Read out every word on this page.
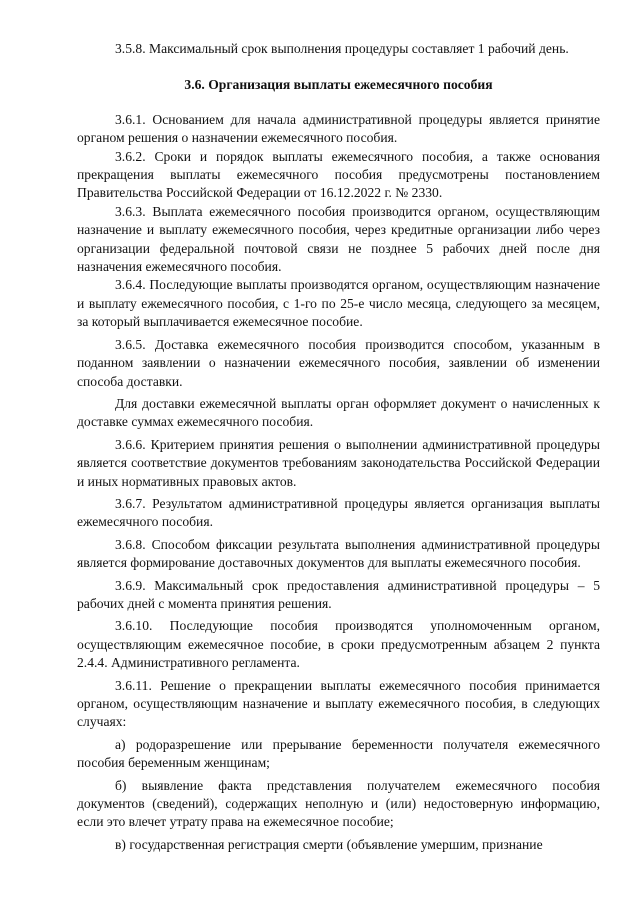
3.5.8. Максимальный срок выполнения процедуры составляет 1 рабочий день.

3.6. Организация выплаты ежемесячного пособия

3.6.1. Основанием для начала административной процедуры является принятие органом решения о назначении ежемесячного пособия.

3.6.2. Сроки и порядок выплаты ежемесячного пособия, а также основания прекращения выплаты ежемесячного пособия предусмотрены постановлением Правительства Российской Федерации от 16.12.2022 г. № 2330.

3.6.3. Выплата ежемесячного пособия производится органом, осуществляющим назначение и выплату ежемесячного пособия, через кредитные организации либо через организации федеральной почтовой связи не позднее 5 рабочих дней после дня назначения ежемесячного пособия.

3.6.4. Последующие выплаты производятся органом, осуществляющим назначение и выплату ежемесячного пособия, с 1-го по 25-е число месяца, следующего за месяцем, за который выплачивается ежемесячное пособие.

3.6.5. Доставка ежемесячного пособия производится способом, указанным в поданном заявлении о назначении ежемесячного пособия, заявлении об изменении способа доставки.

Для доставки ежемесячной выплаты орган оформляет документ о начисленных к доставке суммах ежемесячного пособия.

3.6.6. Критерием принятия решения о выполнении административной процедуры является соответствие документов требованиям законодательства Российской Федерации и иных нормативных правовых актов.

3.6.7. Результатом административной процедуры является организация выплаты ежемесячного пособия.

3.6.8. Способом фиксации результата выполнения административной процедуры является формирование доставочных документов для выплаты ежемесячного пособия.

3.6.9. Максимальный срок предоставления административной процедуры – 5 рабочих дней с момента принятия решения.

3.6.10. Последующие пособия производятся уполномоченным органом, осуществляющим ежемесячное пособие, в сроки предусмотренным абзацем 2 пункта 2.4.4. Административного регламента.

3.6.11. Решение о прекращении выплаты ежемесячного пособия принимается органом, осуществляющим назначение и выплату ежемесячного пособия, в следующих случаях:

а) родоразрешение или прерывание беременности получателя ежемесячного пособия беременным женщинам;

б) выявление факта представления получателем ежемесячного пособия документов (сведений), содержащих неполную и (или) недостоверную информацию, если это влечет утрату права на ежемесячное пособие;

в) государственная регистрация смерти (объявление умершим, признание
